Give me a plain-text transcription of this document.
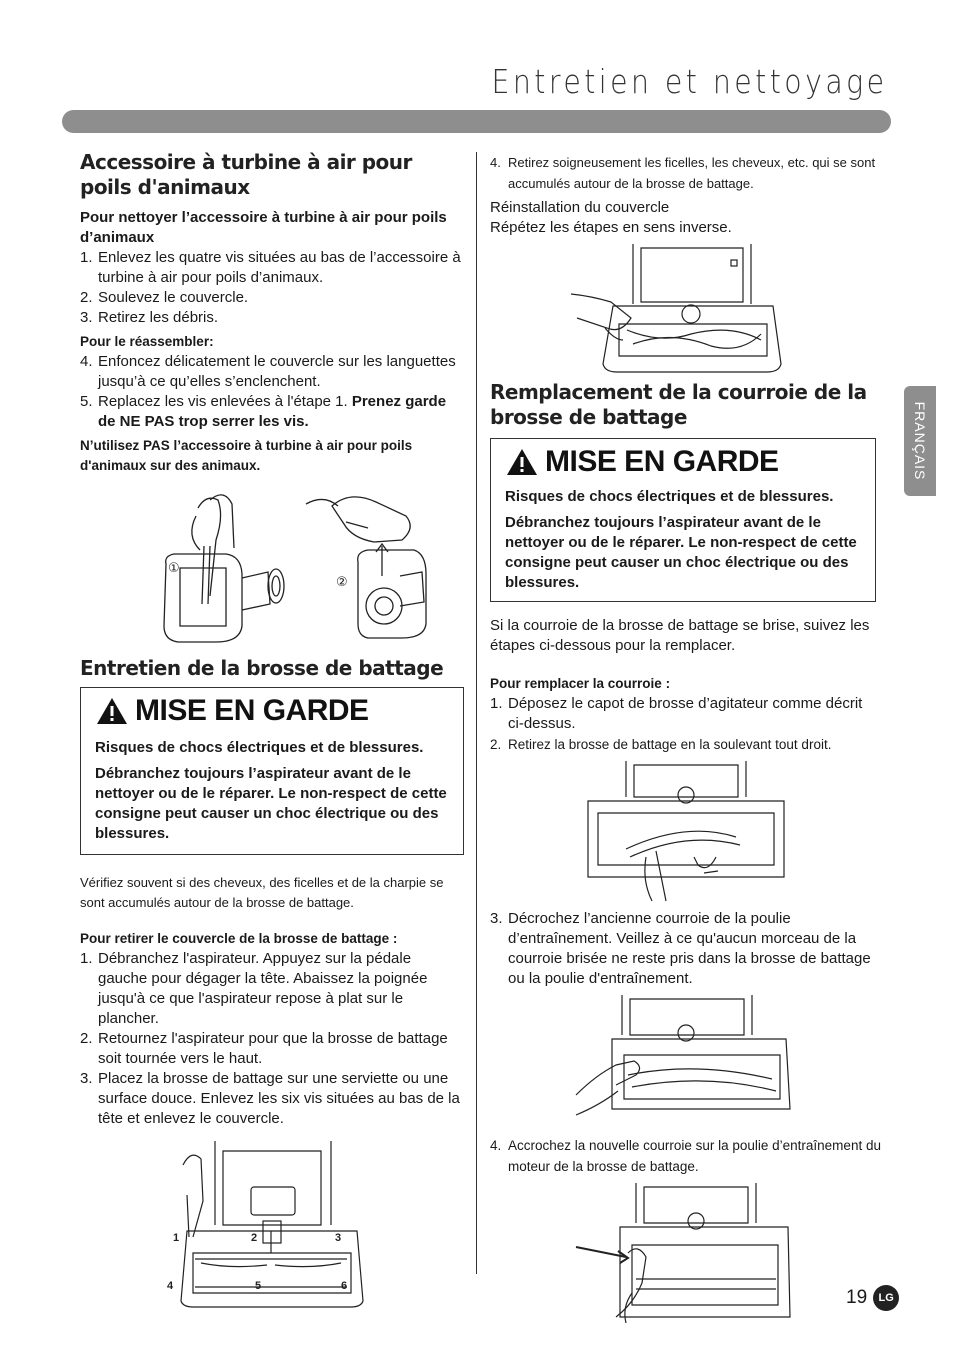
Entretien et nettoyage
FRANÇAIS
Accessoire à turbine à air pour poils d'animaux
Pour nettoyer l’accessoire à turbine à air pour poils d’animaux
1. Enlevez les quatre vis situées au bas de l’accessoire à turbine à air pour poils d’animaux.
2. Soulevez le couvercle.
3. Retirez les débris.
Pour le réassembler:
4. Enfoncez délicatement le couvercle sur les languettes jusqu’à ce qu’elles s’enclenchent.
5. Replacez les vis enlevées à l'étape 1. Prenez garde de NE PAS trop serrer les vis.
N’utilisez PAS l’accessoire à turbine à air pour poils d'animaux sur des animaux.
①
②
Entretien de la brosse de battage
MISE EN GARDE
Risques de chocs électriques et de blessures.
Débranchez toujours l’aspirateur avant de le nettoyer ou de le réparer. Le non-respect de cette consigne peut causer un choc électrique ou des blessures.
Vérifiez souvent si des cheveux, des ficelles et de la charpie se sont accumulés autour de la brosse de battage.
Pour retirer le couvercle de la brosse de battage :
1. Débranchez l'aspirateur. Appuyez sur la pédale gauche pour dégager la tête. Abaissez la poignée jusqu'à ce que l'aspirateur repose à plat sur le plancher.
2. Retournez l'aspirateur pour que la brosse de battage soit tournée vers le haut.
3. Placez la brosse de battage sur une serviette ou une surface douce. Enlevez les six vis situées au bas de la tête et enlevez le couvercle.
1	2	3
4	5	6
4. Retirez soigneusement les ficelles, les cheveux, etc. qui se sont accumulés autour de la brosse de battage.
Réinstallation du couvercle
Répétez les étapes en sens inverse.
Remplacement de la courroie de la brosse de battage
MISE EN GARDE
Risques de chocs électriques et de blessures.
Débranchez toujours l’aspirateur avant de le nettoyer ou de le réparer. Le non-respect de cette consigne peut causer un choc électrique ou des blessures.
Si la courroie de la brosse de battage se brise, suivez les étapes ci-dessous pour la remplacer.
Pour remplacer la courroie :
1. Déposez le capot de brosse d’agitateur comme décrit ci-dessus.
2. Retirez la brosse de battage en la soulevant tout droit.
3. Décrochez l’ancienne courroie de la poulie d’entraînement. Veillez à ce qu'aucun morceau de la courroie brisée ne reste pris dans la brosse de battage ou la poulie d'entraînement.
4. Accrochez la nouvelle courroie sur la poulie d’entraînement du moteur de la brosse de battage.
19	LG
